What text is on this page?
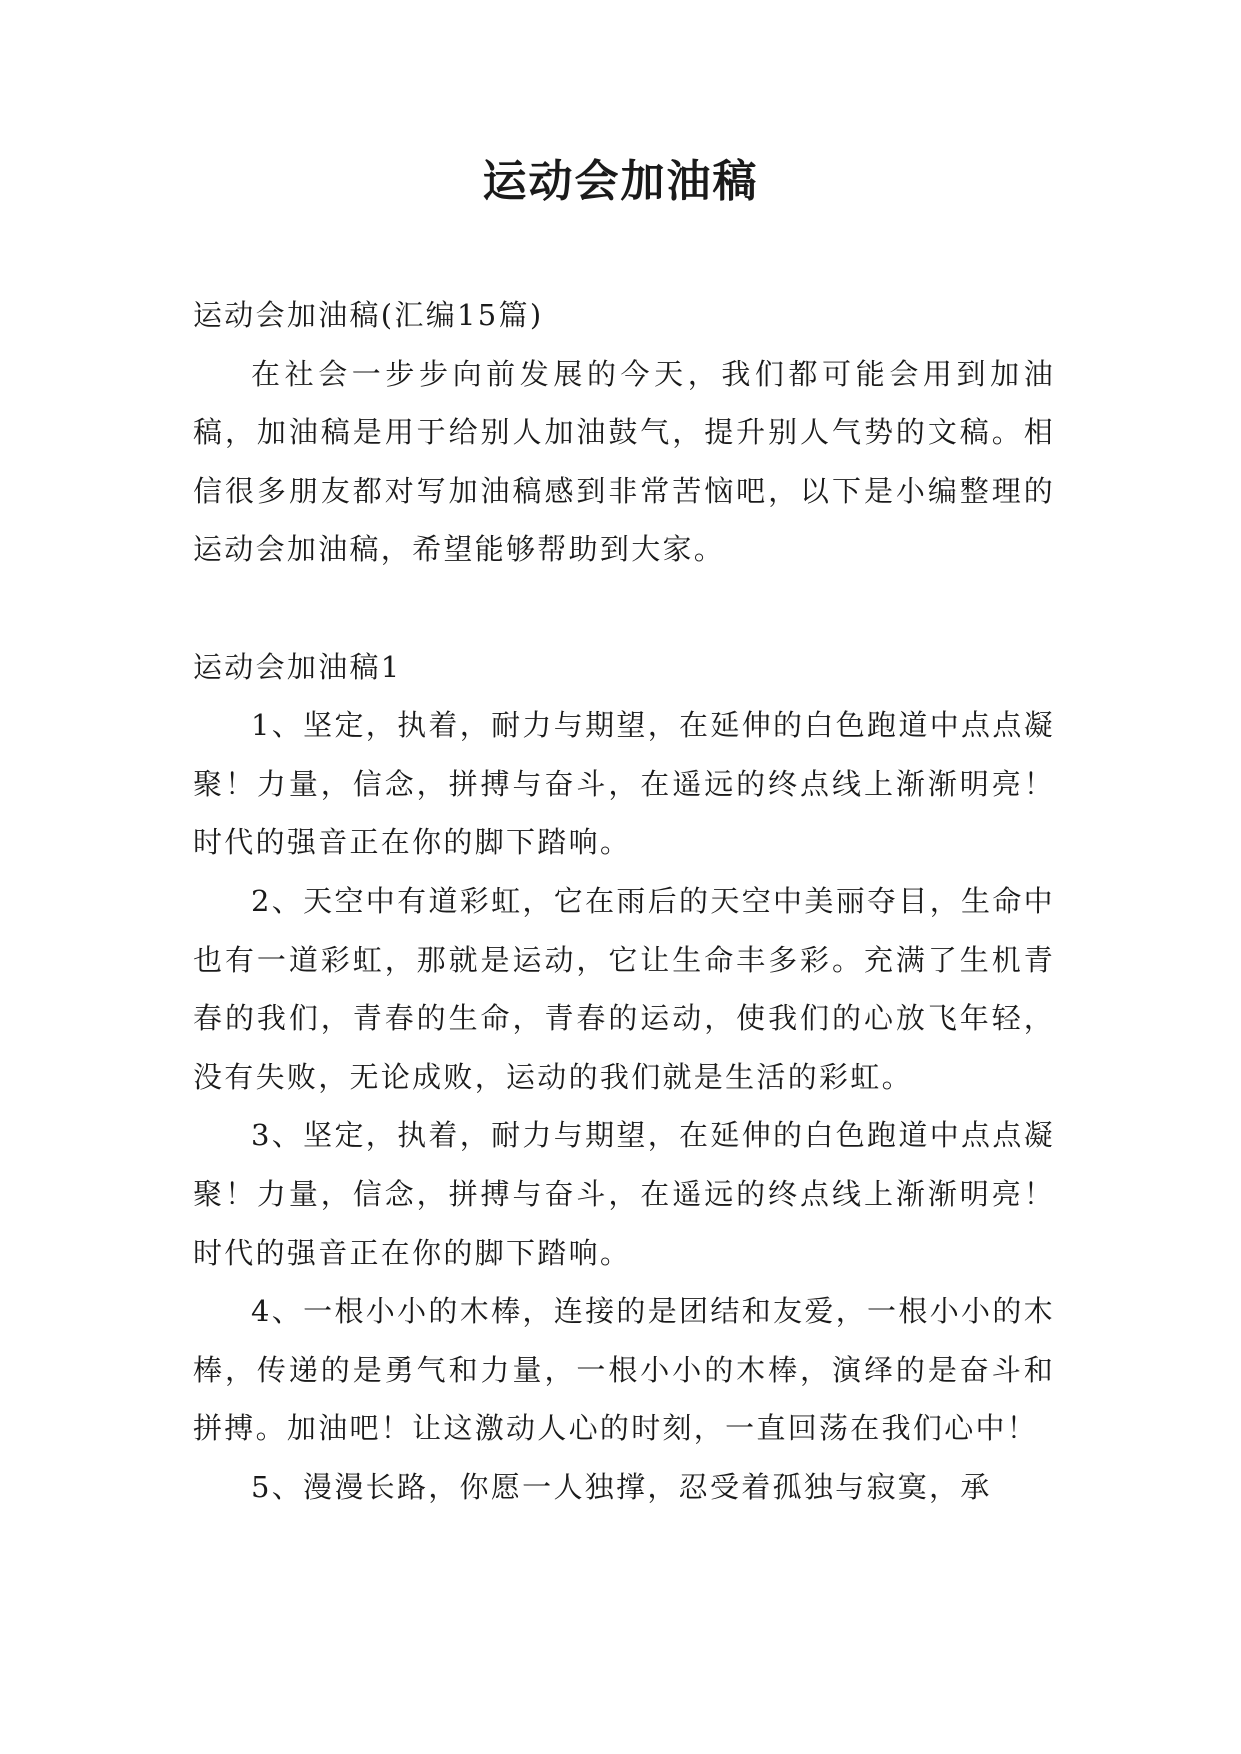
运动会加油稿

运动会加油稿(汇编15篇)

在社会一步步向前发展的今天，我们都可能会用到加油稿，加油稿是用于给别人加油鼓气，提升别人气势的文稿。相信很多朋友都对写加油稿感到非常苦恼吧，以下是小编整理的运动会加油稿，希望能够帮助到大家。

运动会加油稿1

1、坚定，执着，耐力与期望，在延伸的白色跑道中点点凝聚！力量，信念，拼搏与奋斗，在遥远的终点线上渐渐明亮！时代的强音正在你的脚下踏响。

2、天空中有道彩虹，它在雨后的天空中美丽夺目，生命中也有一道彩虹，那就是运动，它让生命丰多彩。充满了生机青春的我们，青春的生命，青春的运动，使我们的心放飞年轻，没有失败，无论成败，运动的我们就是生活的彩虹。

3、坚定，执着，耐力与期望，在延伸的白色跑道中点点凝聚！力量，信念，拼搏与奋斗，在遥远的终点线上渐渐明亮！时代的强音正在你的脚下踏响。

4、一根小小的木棒，连接的是团结和友爱，一根小小的木棒，传递的是勇气和力量，一根小小的木棒，演绎的是奋斗和拼搏。加油吧！让这激动人心的时刻，一直回荡在我们心中！

5、漫漫长路，你愿一人独撑，忍受着孤独与寂寞，承
